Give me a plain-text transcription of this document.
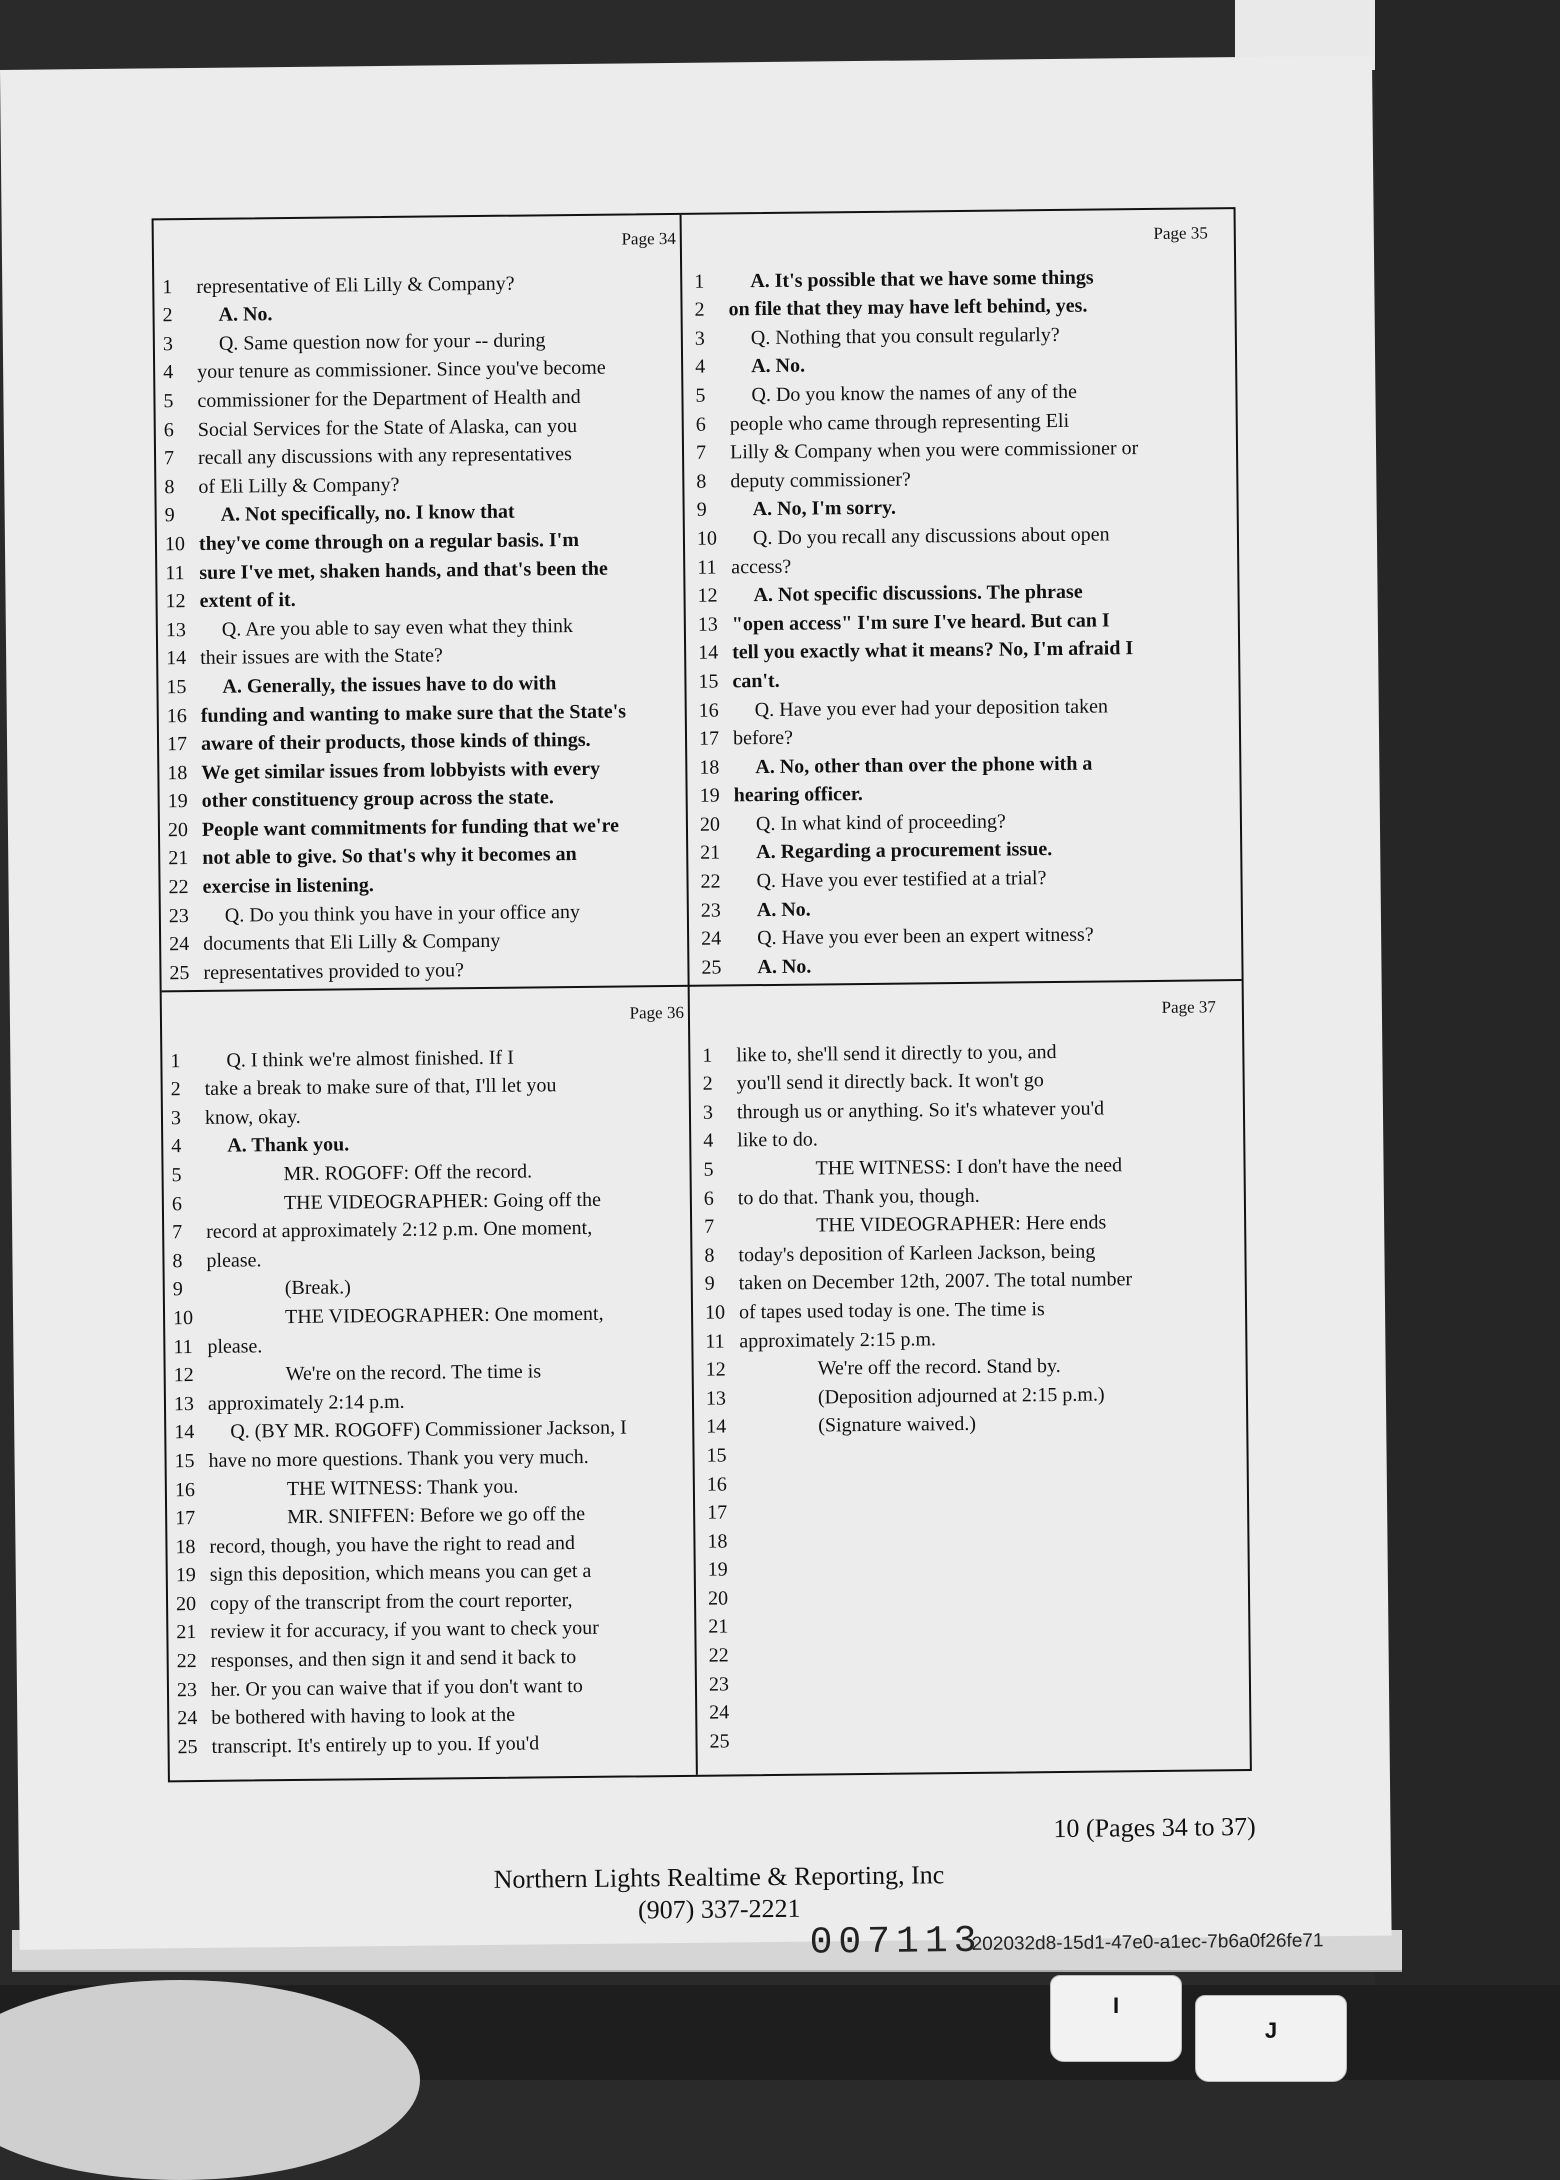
I
J
Page 34
1	representative of Eli Lilly & Company?
2	A. No.
3	Q. Same question now for your -- during
4	your tenure as commissioner. Since you've become
5	commissioner for the Department of Health and
6	Social Services for the State of Alaska, can you
7	recall any discussions with any representatives
8	of Eli Lilly & Company?
9	A. Not specifically, no. I know that
10 they've come through on a regular basis. I'm
11 sure I've met, shaken hands, and that's been the
12 extent of it.
13	Q. Are you able to say even what they think
14 their issues are with the State?
15	A. Generally, the issues have to do with
16 funding and wanting to make sure that the State's
17 aware of their products, those kinds of things.
18 We get similar issues from lobbyists with every
19 other constituency group across the state.
20 People want commitments for funding that we're
21 not able to give. So that's why it becomes an
22 exercise in listening.
23	Q. Do you think you have in your office any
24 documents that Eli Lilly & Company
25 representatives provided to you?
Page 35
1	A. It's possible that we have some things
2	on file that they may have left behind, yes.
3	Q. Nothing that you consult regularly?
4	A. No.
5	Q. Do you know the names of any of the
6	people who came through representing Eli
7	Lilly & Company when you were commissioner or
8	deputy commissioner?
9	A. No, I'm sorry.
10	Q. Do you recall any discussions about open
11 access?
12	A. Not specific discussions. The phrase
13 "open access" I'm sure I've heard. But can I
14 tell you exactly what it means? No, I'm afraid I
15 can't.
16	Q. Have you ever had your deposition taken
17 before?
18	A. No, other than over the phone with a
19 hearing officer.
20	Q. In what kind of proceeding?
21	A. Regarding a procurement issue.
22	Q. Have you ever testified at a trial?
23	A. No.
24	Q. Have you ever been an expert witness?
25	A. No.
Page 36
1	Q. I think we're almost finished. If I
2	take a break to make sure of that, I'll let you
3	know, okay.
4	A. Thank you.
5	MR. ROGOFF: Off the record.
6	THE VIDEOGRAPHER: Going off the
7	record at approximately 2:12 p.m. One moment,
8	please.
9	(Break.)
10	THE VIDEOGRAPHER: One moment,
11 please.
12	We're on the record. The time is
13 approximately 2:14 p.m.
14	Q. (BY MR. ROGOFF) Commissioner Jackson, I
15 have no more questions. Thank you very much.
16	THE WITNESS: Thank you.
17	MR. SNIFFEN: Before we go off the
18 record, though, you have the right to read and
19 sign this deposition, which means you can get a
20 copy of the transcript from the court reporter,
21 review it for accuracy, if you want to check your
22 responses, and then sign it and send it back to
23 her. Or you can waive that if you don't want to
24 be bothered with having to look at the
25 transcript. It's entirely up to you. If you'd
Page 37
1	like to, she'll send it directly to you, and
2	you'll send it directly back. It won't go
3	through us or anything. So it's whatever you'd
4	like to do.
5	THE WITNESS: I don't have the need
6	to do that. Thank you, though.
7	THE VIDEOGRAPHER: Here ends
8	today's deposition of Karleen Jackson, being
9	taken on December 12th, 2007. The total number
10 of tapes used today is one. The time is
11 approximately 2:15 p.m.
12	We're off the record. Stand by.
13	(Deposition adjourned at 2:15 p.m.)
14	(Signature waived.)
15
16
17
18
19
20
21
22
23
24
25
10 (Pages 34 to 37)
Northern Lights Realtime & Reporting, Inc
(907) 337-2221
007113
202032d8-15d1-47e0-a1ec-7b6a0f26fe71
